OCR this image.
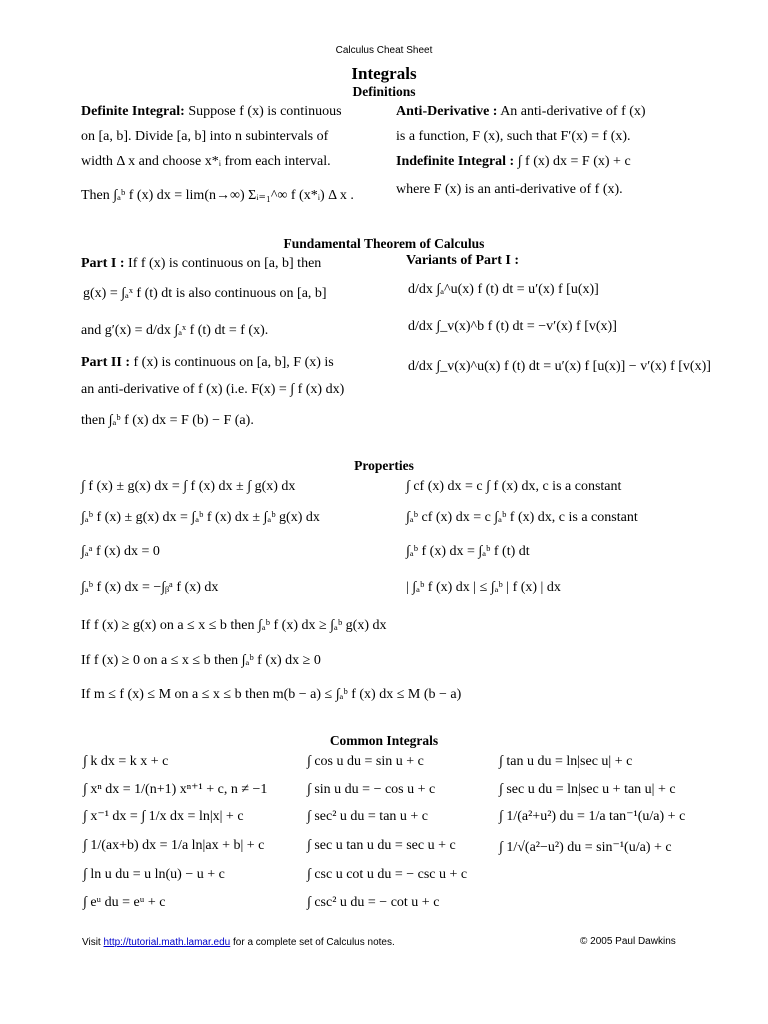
Calculus Cheat Sheet
Integrals
Definitions
Definite Integral: Suppose f (x) is continuous
on [a, b]. Divide [a, b] into n subintervals of
width Δ x and choose x*ᵢ from each interval.
Then ∫ₐᵇ f (x) dx = lim(n→∞) Σᵢ₌₁^∞ f (x*ᵢ) Δ x .
Anti-Derivative : An anti-derivative of f (x)
is a function, F (x), such that F′(x) = f (x).
Indefinite Integral : ∫ f (x) dx = F (x) + c
where F (x) is an anti-derivative of f (x).
Fundamental Theorem of Calculus
Part I : If f (x) is continuous on [a, b] then
g(x) = ∫ₐˣ f (t) dt is also continuous on [a, b]
and g′(x) = d/dx ∫ₐˣ f (t) dt = f (x).
Part II : f (x) is continuous on [a, b], F (x) is
an anti-derivative of f (x) (i.e. F(x) = ∫ f (x) dx)
then ∫ₐᵇ f (x) dx = F (b) − F (a).
Variants of Part I :
d/dx ∫ₐ^u(x) f (t) dt = u′(x) f [u(x)]
d/dx ∫_v(x)^b f (t) dt = −v′(x) f [v(x)]
d/dx ∫_v(x)^u(x) f (t) dt = u′(x) f [u(x)] − v′(x) f [v(x)]
Properties
∫ f (x) ± g(x) dx = ∫ f (x) dx ± ∫ g(x) dx
∫ₐᵇ f (x) ± g(x) dx = ∫ₐᵇ f (x) dx ± ∫ₐᵇ g(x) dx
∫ₐᵃ f (x) dx = 0
∫ₐᵇ f (x) dx = −∫ᵦᵃ f (x) dx
∫ cf (x) dx = c ∫ f (x) dx, c is a constant
∫ₐᵇ cf (x) dx = c ∫ₐᵇ f (x) dx, c is a constant
∫ₐᵇ f (x) dx = ∫ₐᵇ f (t) dt
| ∫ₐᵇ f (x) dx | ≤ ∫ₐᵇ | f (x) | dx
If f (x) ≥ g(x) on a ≤ x ≤ b then ∫ₐᵇ f (x) dx ≥ ∫ₐᵇ g(x) dx
If f (x) ≥ 0 on a ≤ x ≤ b then ∫ₐᵇ f (x) dx ≥ 0
If m ≤ f (x) ≤ M on a ≤ x ≤ b then m(b − a) ≤ ∫ₐᵇ f (x) dx ≤ M (b − a)
Common Integrals
∫ k dx = k x + c
∫ xⁿ dx = 1/(n+1) xⁿ⁺¹ + c, n ≠ −1
∫ x⁻¹ dx = ∫ 1/x dx = ln|x| + c
∫ 1/(ax+b) dx = 1/a ln|ax + b| + c
∫ ln u du = u ln(u) − u + c
∫ eᵘ du = eᵘ + c
∫ cos u du = sin u + c
∫ sin u du = − cos u + c
∫ sec² u du = tan u + c
∫ sec u tan u du = sec u + c
∫ csc u cot u du = − csc u + c
∫ csc² u du = − cot u + c
∫ tan u du = ln|sec u| + c
∫ sec u du = ln|sec u + tan u| + c
∫ 1/(a²+u²) du = 1/a tan⁻¹(u/a) + c
∫ 1/√(a²−u²) du = sin⁻¹(u/a) + c
Visit http://tutorial.math.lamar.edu for a complete set of Calculus notes.	© 2005 Paul Dawkins
